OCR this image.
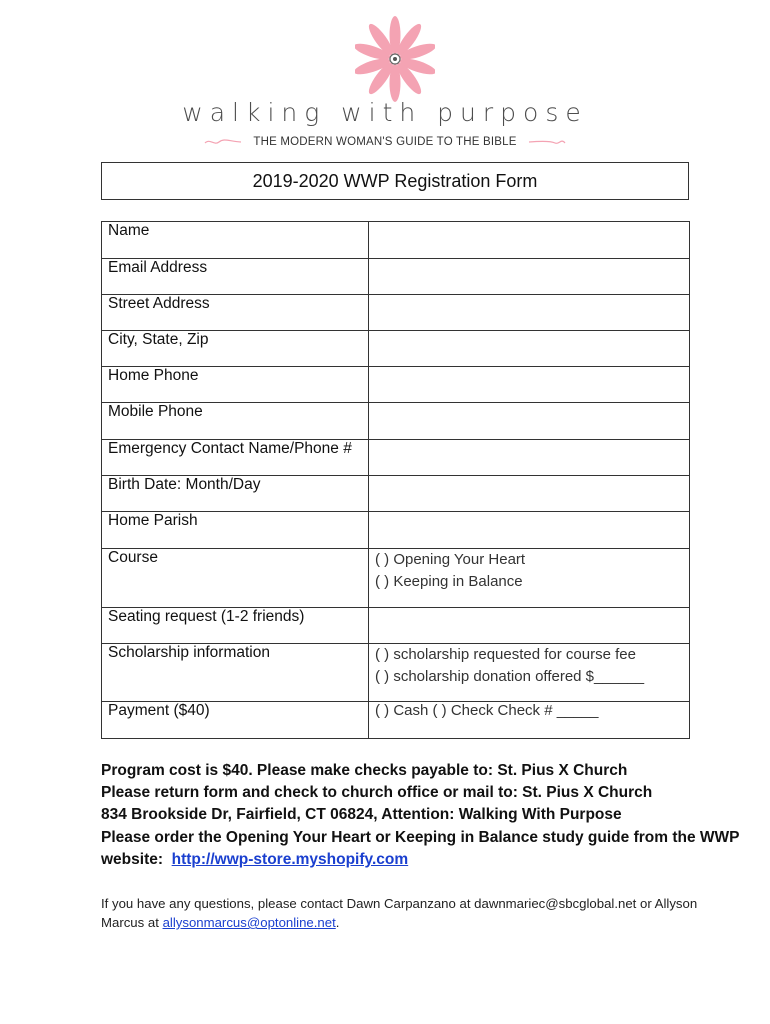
walking with purpose
THE MODERN WOMAN'S GUIDE TO THE BIBLE
2019-2020 WWP Registration Form
Name	
Email Address	
Street Address	
City, State, Zip	
Home Phone	
Mobile Phone	
Emergency Contact Name/Phone #	
Birth Date: Month/Day	
Home Parish	
Course	( ) Opening Your Heart
( ) Keeping in Balance

Seating request (1-2 friends)	
Scholarship information	( ) scholarship requested for course fee
( ) scholarship donation offered $______

Payment ($40)	( ) Cash ( ) Check Check # _____
Program cost is $40. Please make checks payable to: St. Pius X Church
Please return form and check to church office or mail to: St. Pius X Church
834 Brookside Dr, Fairfield, CT 06824, Attention: Walking With Purpose
Please order the Opening Your Heart or Keeping in Balance study guide from the WWP
website:  http://wwp-store.myshopify.com
If you have any questions, please contact Dawn Carpanzano at dawnmariec@sbcglobal.net or Allyson
Marcus at allysonmarcus@optonline.net.
